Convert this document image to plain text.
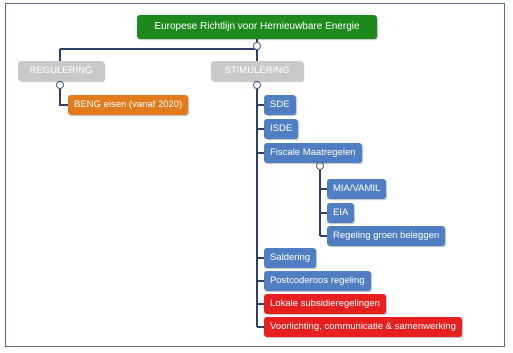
Europese Richtlijn voor Hernieuwbare Energie
REGULERING	STIMULERING
BENG eisen (vanaf 2020)	SDE
ISDE
Fiscale Maatregelen
MIA/VAMIL
EIA
Regeling groen beleggen
Saldering
Postcoderoos regeling
Lokale subsidieregelingen
Voorlichting, communicatie & samenwerking
